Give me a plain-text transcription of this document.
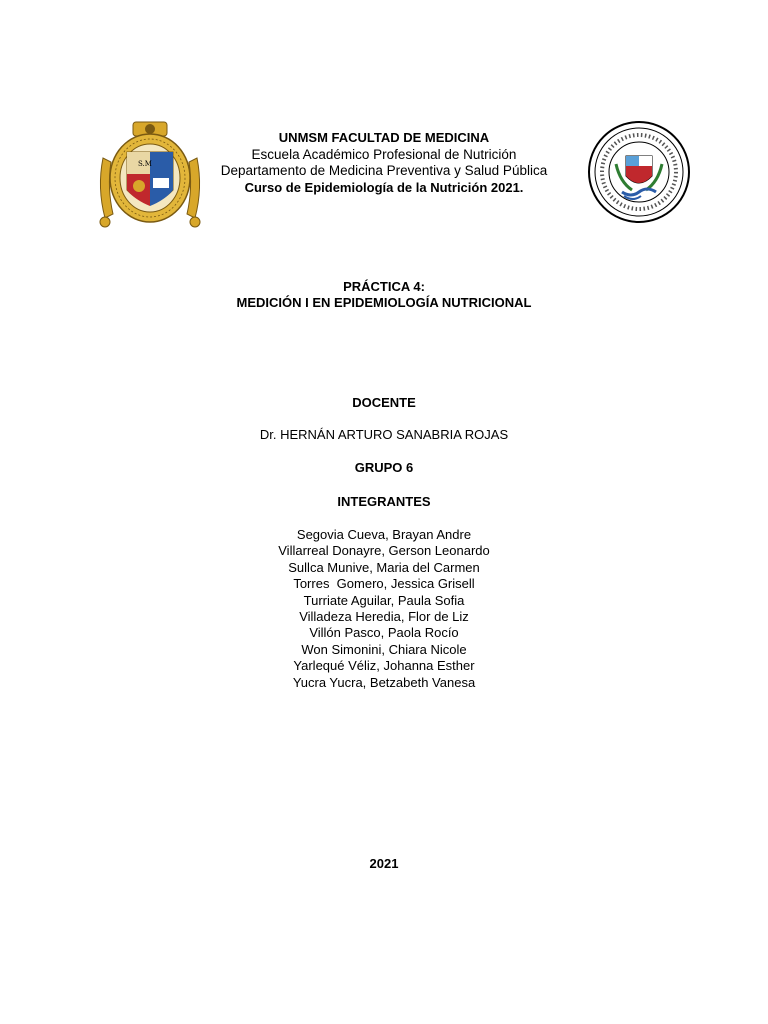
S.M

UNMSM FACULTAD DE MEDICINA

Escuela Académico Profesional de Nutrición

Departamento de Medicina Preventiva y Salud Pública

Curso de Epidemiología de la Nutrición 2021.

PRÁCTICA 4:

MEDICIÓN I EN EPIDEMIOLOGÍA NUTRICIONAL

DOCENTE

Dr. HERNÁN ARTURO SANABRIA ROJAS

GRUPO 6

INTEGRANTES

Segovia Cueva, Brayan Andre
Villarreal Donayre, Gerson Leonardo
Sullca Munive, Maria del Carmen
Torres  Gomero, Jessica Grisell
Turriate Aguilar, Paula Sofia
Villadeza Heredia, Flor de Liz
Villón Pasco, Paola Rocío
Won Simonini, Chiara Nicole
Yarlequé Véliz, Johanna Esther
Yucra Yucra, Betzabeth Vanesa

2021
